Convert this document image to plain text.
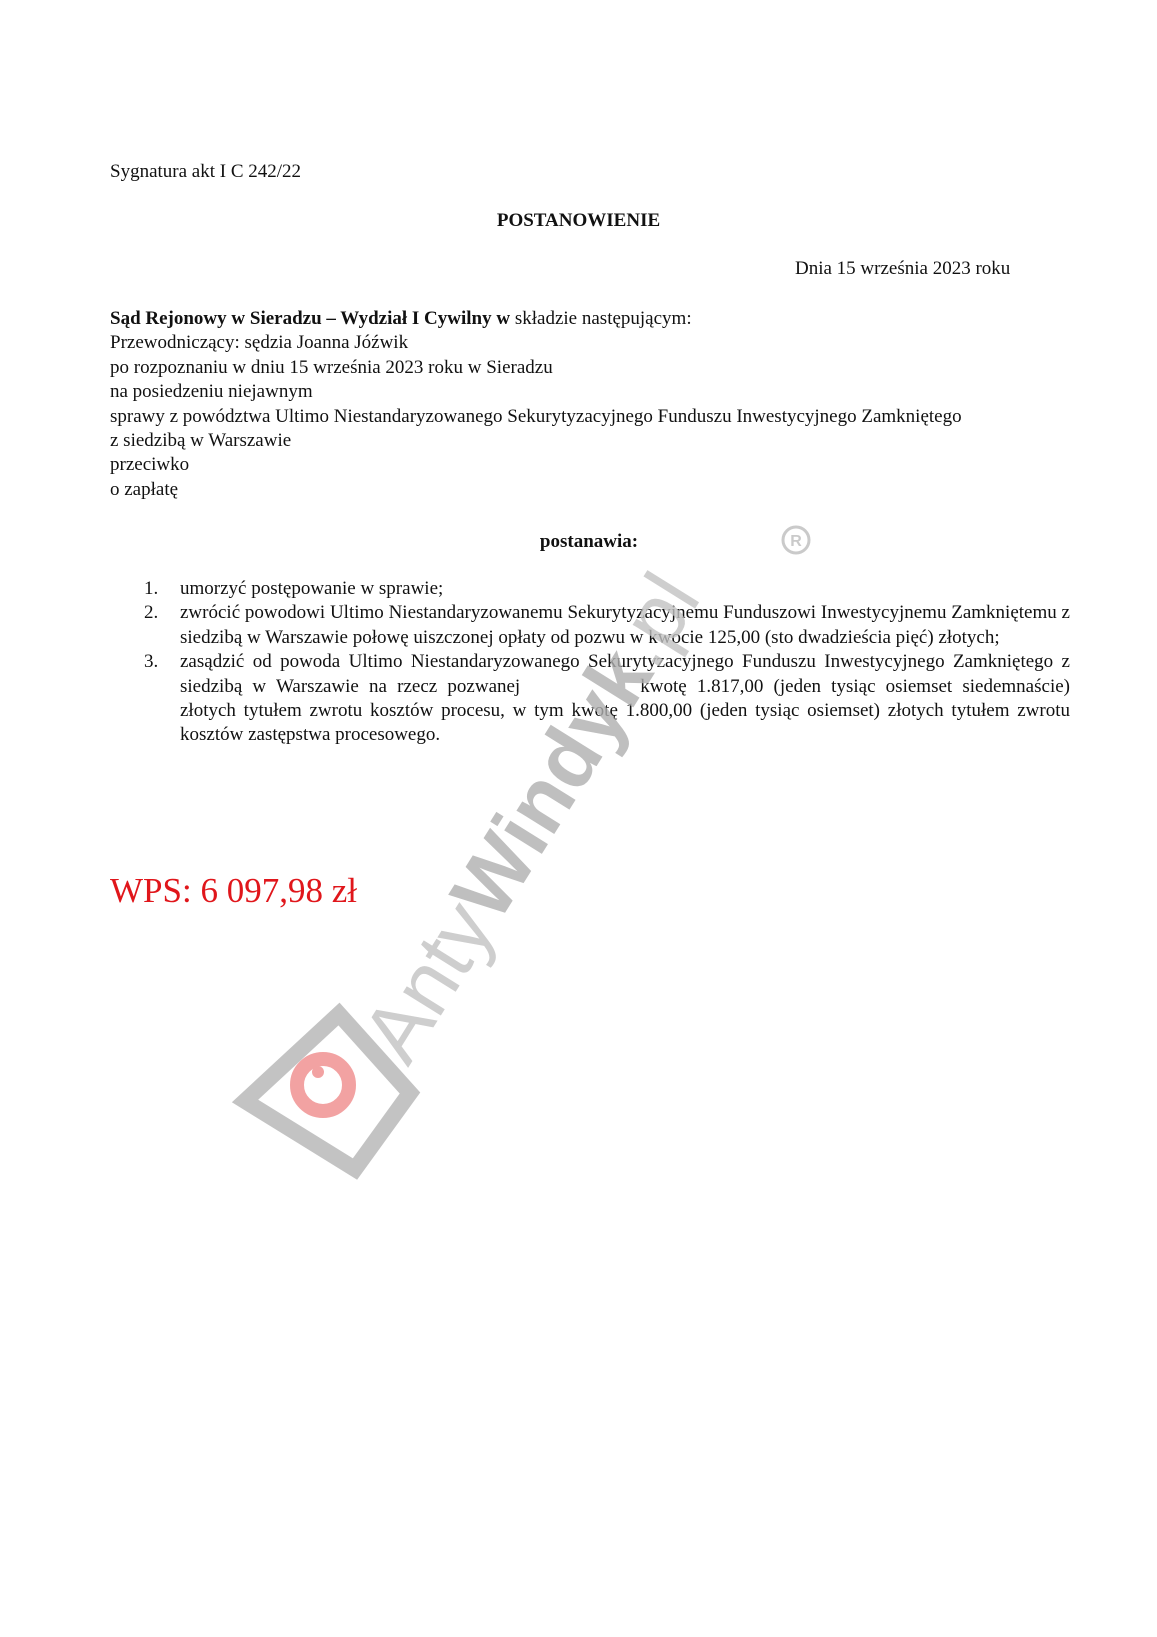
Sygnatura akt I C 242/22
POSTANOWIENIE
Dnia 15 września 2023 roku
Sąd Rejonowy w Sieradzu – Wydział I Cywilny w składzie następującym:
Przewodniczący: sędzia Joanna Jóźwik
po rozpoznaniu w dniu 15 września 2023 roku w Sieradzu
na posiedzeniu niejawnym
sprawy z powództwa Ultimo Niestandaryzowanego Sekurytyzacyjnego Funduszu Inwestycyjnego Zamkniętego
z siedzibą w Warszawie
przeciwko
o zapłatę
postanawia:
1. umorzyć postępowanie w sprawie;
2. zwrócić powodowi Ultimo Niestandaryzowanemu Sekurytyzacyjnemu Funduszowi Inwestycyjnemu Zamkniętemu z siedzibą w Warszawie połowę uiszczonej opłaty od pozwu w kwocie 125,00 (sto dwadzieścia pięć) złotych;
3. zasądzić od powoda Ultimo Niestandaryzowanego Sekurytyzacyjnego Funduszu Inwestycyjnego Zamkniętego z siedzibą w Warszawie na rzecz pozwanej	kwotę 1.817,00 (jeden tysiąc osiemset siedemnaście) złotych tytułem zwrotu kosztów procesu, w tym kwotę 1.800,00 (jeden tysiąc osiemset) złotych tytułem zwrotu kosztów zastępstwa procesowego.
WPS: 6 097,98 zł
AntyWindyk.pl
R
